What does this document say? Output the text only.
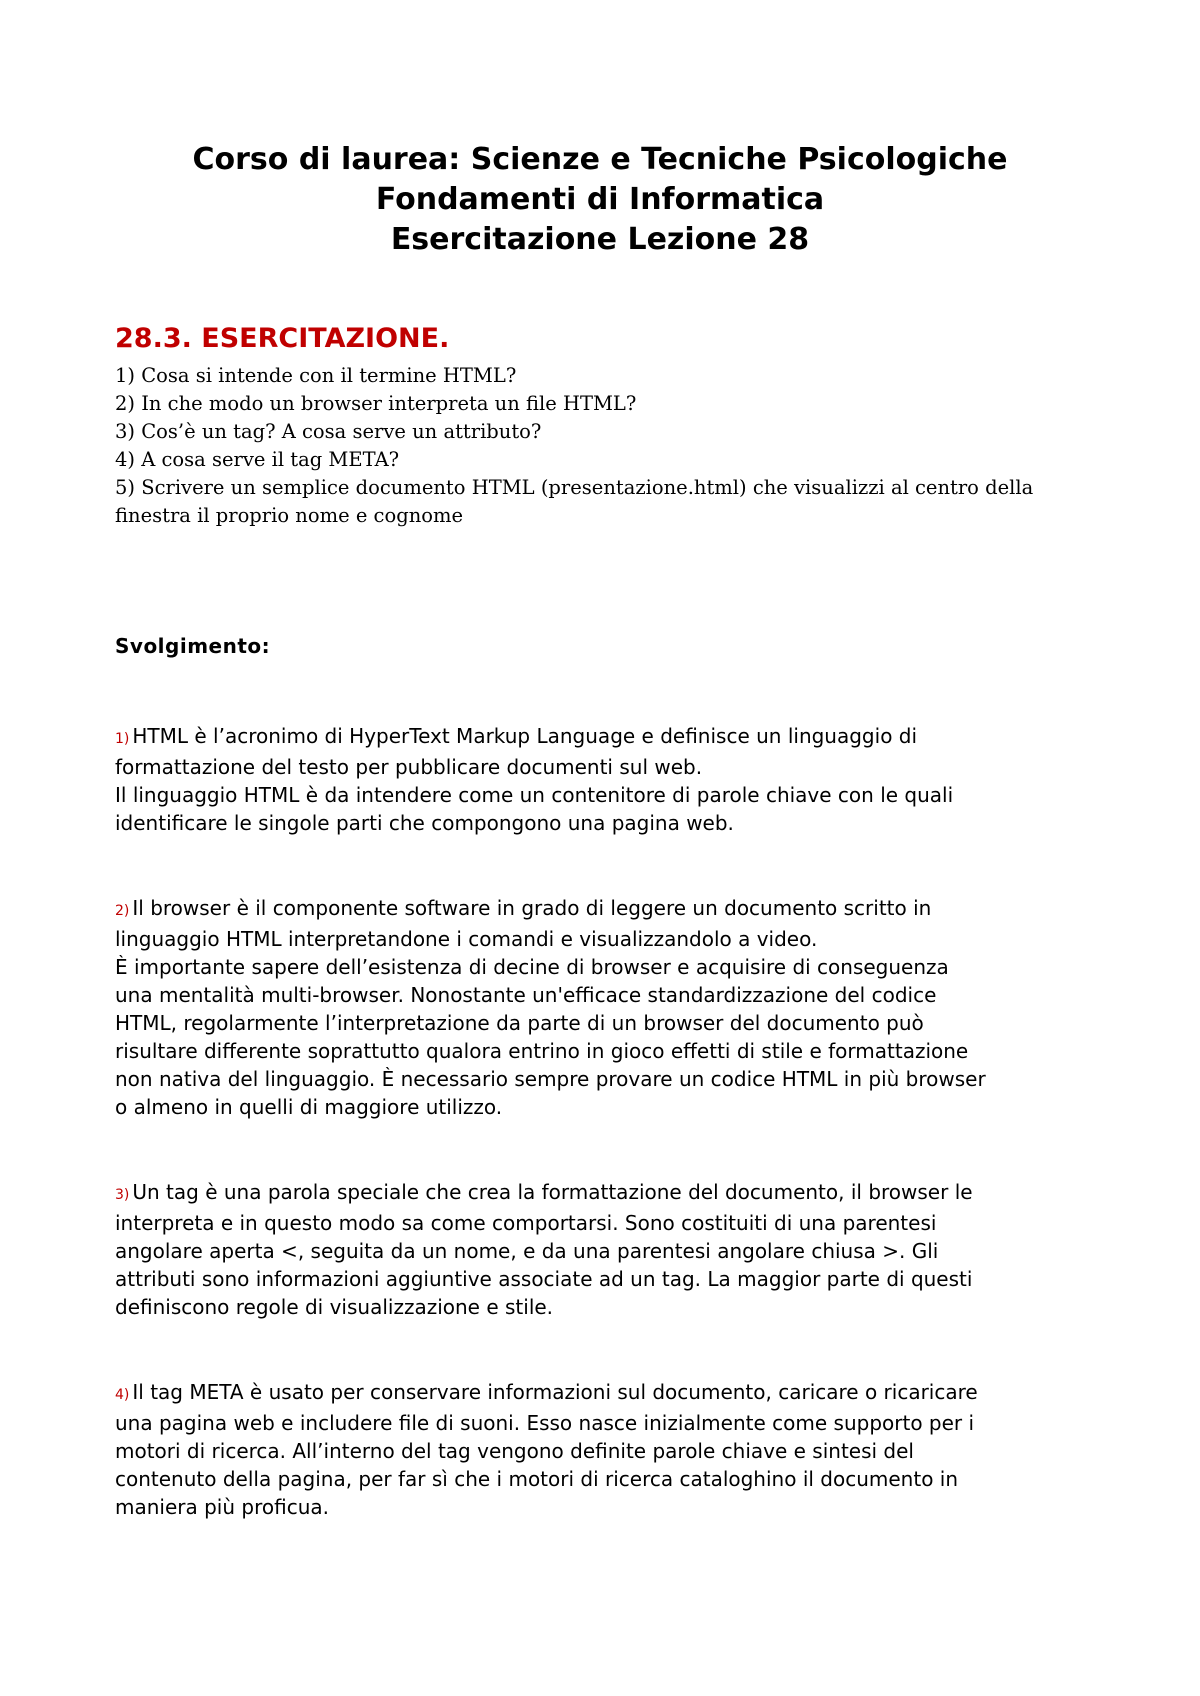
Corso di laurea: Scienze e Tecniche Psicologiche
Fondamenti di Informatica
Esercitazione Lezione 28
28.3. ESERCITAZIONE.
1) Cosa si intende con il termine HTML?
2) In che modo un browser interpreta un file HTML?
3) Cos’è un tag? A cosa serve un attributo?
4) A cosa serve il tag META?
5) Scrivere un semplice documento HTML (presentazione.html) che visualizzi al centro della
finestra il proprio nome e cognome
Svolgimento:
1) HTML è l’acronimo di HyperText Markup Language e definisce un linguaggio di
formattazione del testo per pubblicare documenti sul web.
Il linguaggio HTML è da intendere come un contenitore di parole chiave con le quali
identificare le singole parti che compongono una pagina web.
2) Il browser è il componente software in grado di leggere un documento scritto in
linguaggio HTML interpretandone i comandi e visualizzandolo a video.
È importante sapere dell’esistenza di decine di browser e acquisire di conseguenza
una mentalità multi-browser. Nonostante un'efficace standardizzazione del codice
HTML, regolarmente l’interpretazione da parte di un browser del documento può
risultare differente soprattutto qualora entrino in gioco effetti di stile e formattazione
non nativa del linguaggio. È necessario sempre provare un codice HTML in più browser
o almeno in quelli di maggiore utilizzo.
3) Un tag è una parola speciale che crea la formattazione del documento, il browser le
interpreta e in questo modo sa come comportarsi. Sono costituiti di una parentesi
angolare aperta <, seguita da un nome, e da una parentesi angolare chiusa >. Gli
attributi sono informazioni aggiuntive associate ad un tag. La maggior parte di questi
definiscono regole di visualizzazione e stile.
4) Il tag META è usato per conservare informazioni sul documento, caricare o ricaricare
una pagina web e includere file di suoni. Esso nasce inizialmente come supporto per i
motori di ricerca. All’interno del tag vengono definite parole chiave e sintesi del
contenuto della pagina, per far sì che i motori di ricerca cataloghino il documento in
maniera più proficua.
